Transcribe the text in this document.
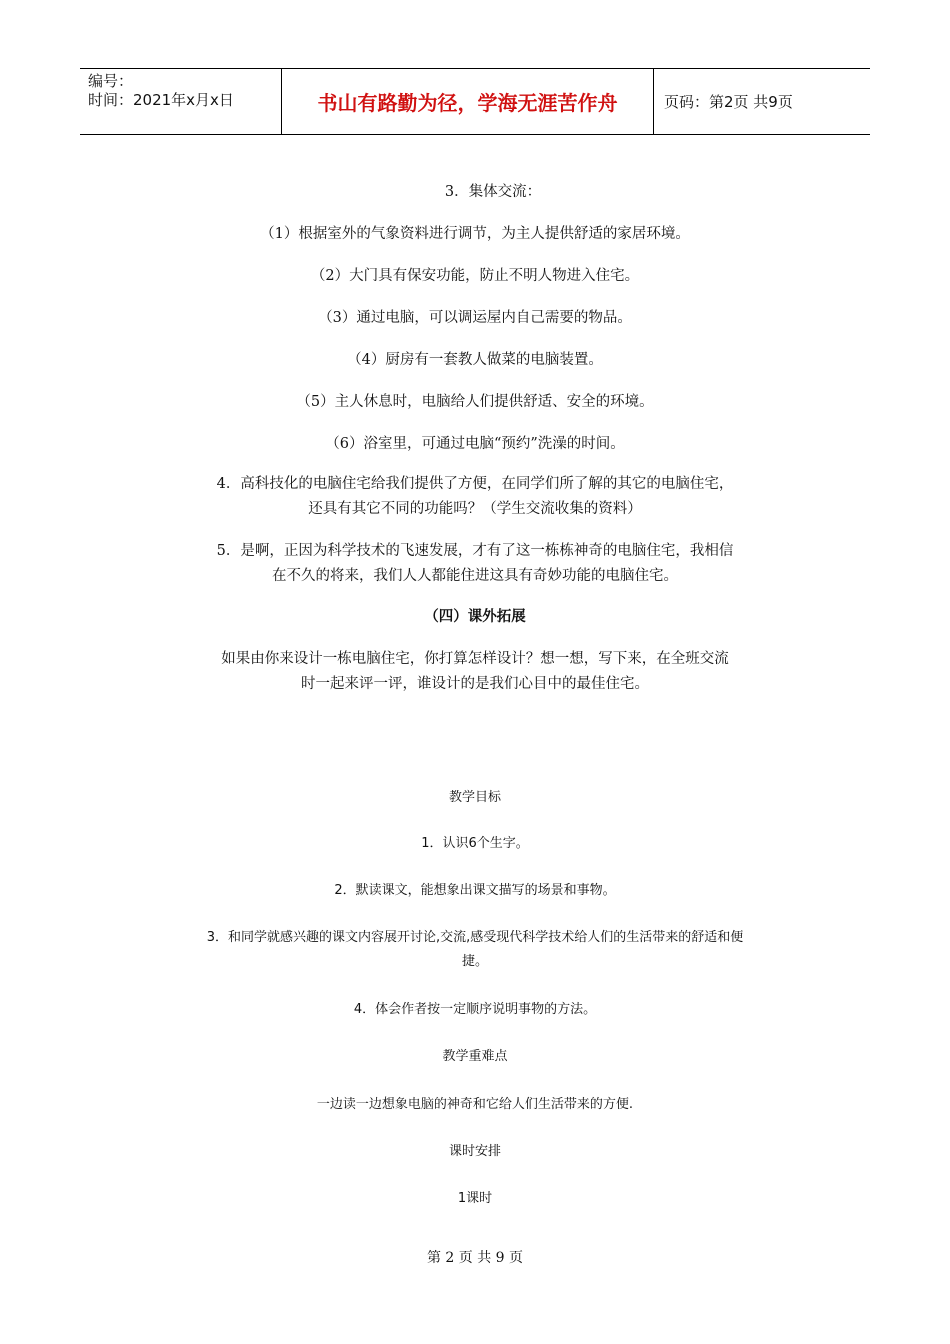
编号：
时间：2021年x月x日	书山有路勤为径，学海无涯苦作舟	页码：第2页 共9页
3．集体交流：
（1）根据室外的气象资料进行调节，为主人提供舒适的家居环境。
（2）大门具有保安功能，防止不明人物进入住宅。
（3）通过电脑，可以调运屋内自己需要的物品。
（4）厨房有一套教人做菜的电脑装置。
（5）主人休息时，电脑给人们提供舒适、安全的环境。
（6）浴室里，可通过电脑“预约”洗澡的时间。
4．高科技化的电脑住宅给我们提供了方便，在同学们所了解的其它的电脑住宅，
还具有其它不同的功能吗？（学生交流收集的资料）
5．是啊，正因为科学技术的飞速发展，才有了这一栋栋神奇的电脑住宅，我相信
在不久的将来，我们人人都能住进这具有奇妙功能的电脑住宅。
（四）课外拓展
如果由你来设计一栋电脑住宅，你打算怎样设计？想一想，写下来，在全班交流
时一起来评一评，谁设计的是我们心目中的最佳住宅。
教学目标
1．认识6个生字。
2．默读课文，能想象出课文描写的场景和事物。
3．和同学就感兴趣的课文内容展开讨论,交流,感受现代科学技术给人们的生活带来的舒适和便
捷。
4．体会作者按一定顺序说明事物的方法。
教学重难点
一边读一边想象电脑的神奇和它给人们生活带来的方便.
课时安排
1课时
第 2 页 共 9 页
